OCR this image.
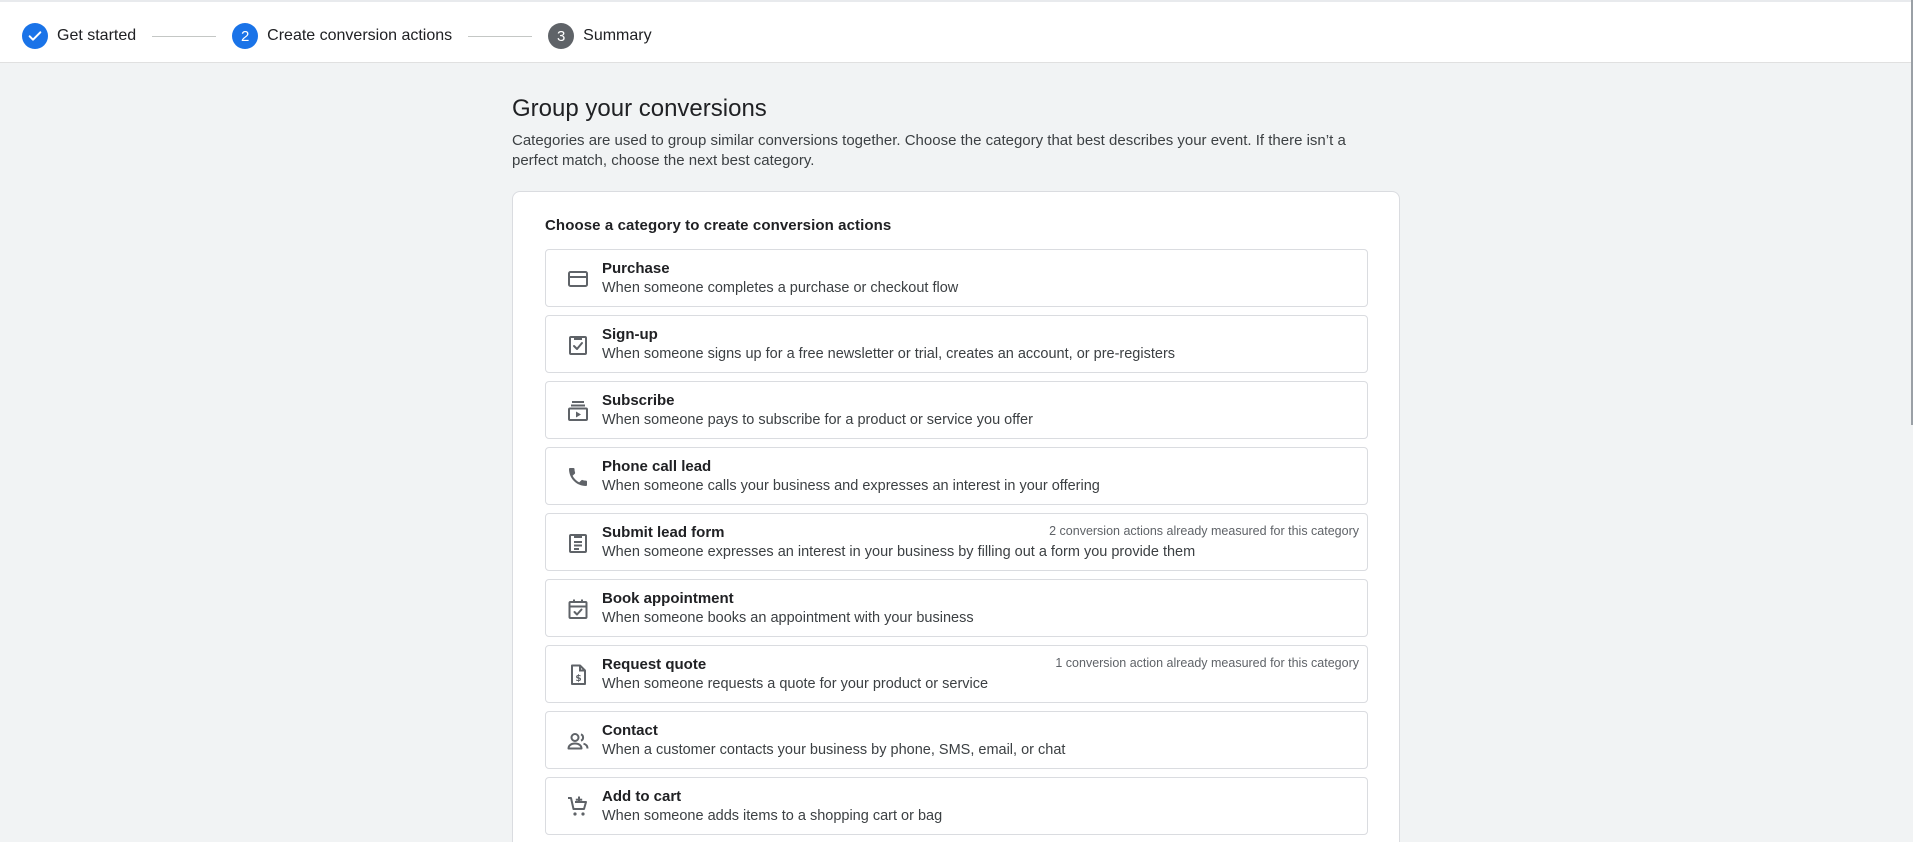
Get started	2	Create conversion actions	3	Summary
Group your conversions

Categories are used to group similar conversions together. Choose the category that best describes your event. If there isn’t a perfect match, choose the next best category.

Choose a category to create conversion actions
Purchase
When someone completes a purchase or checkout flow
Sign-up
When someone signs up for a free newsletter or trial, creates an account, or pre-registers
Subscribe
When someone pays to subscribe for a product or service you offer
Phone call lead
When someone calls your business and expresses an interest in your offering
Submit lead form
When someone expresses an interest in your business by filling out a form you provide them
2 conversion actions already measured for this category
Book appointment
When someone books an appointment with your business
$
Request quote
When someone requests a quote for your product or service
1 conversion action already measured for this category
Contact
When a customer contacts your business by phone, SMS, email, or chat
Add to cart
When someone adds items to a shopping cart or bag
